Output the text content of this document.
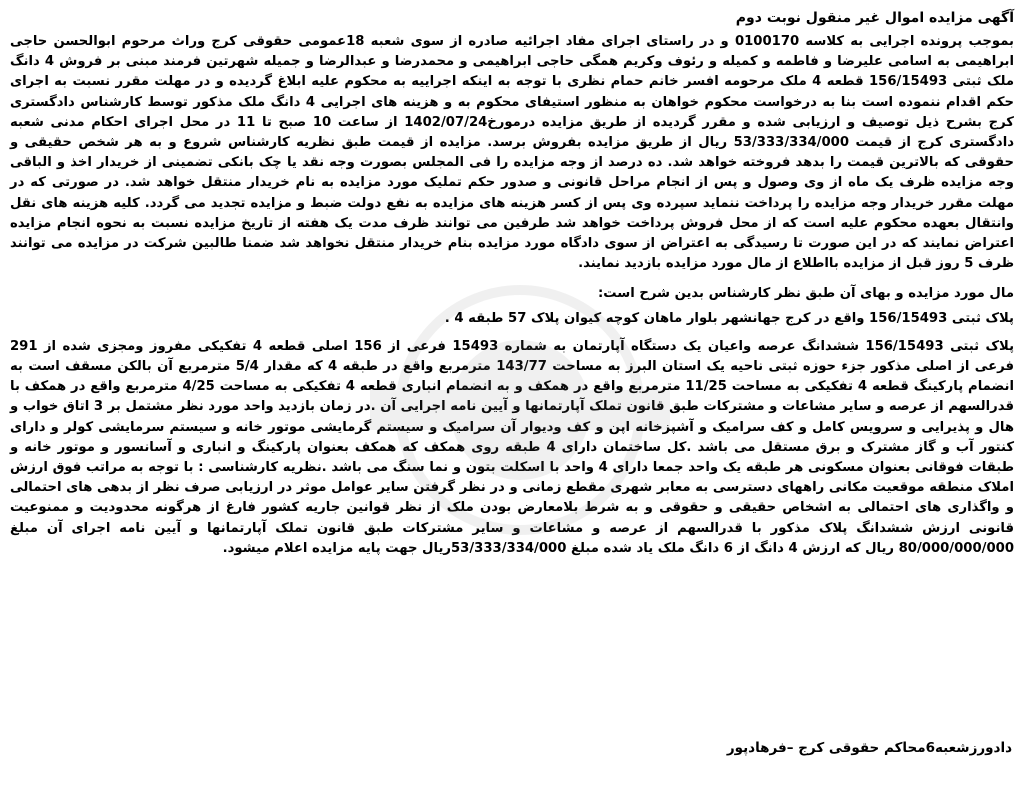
آگهی مزایده اموال غیر منقول نوبت دوم

بموجب پرونده اجرایی به کلاسه 0100170 و در راستای اجرای مفاد اجرائیه صادره از سوی شعبه 18عمومی حقوقی کرج وراث مرحوم ابوالحسن حاجی ابراهیمی به اسامی علیرضا و فاطمه و کمیله و رئوف وکریم همگی حاجی ابراهیمی و محمدرضا و عبدالرضا و جمیله شهرتین فرمند مبنی بر فروش 4 دانگ ملک ثبتی 156/15493 قطعه 4 ملک مرحومه افسر خانم حمام نظری با توجه به اینکه اجراییه به محکوم علیه ابلاغ گردیده و در مهلت مقرر نسبت به اجرای حکم اقدام ننموده است بنا به درخواست محکوم خواهان به منظور استیفای محکوم به و هزینه های اجرایی 4 دانگ ملک مذکور توسط کارشناس دادگستری کرج بشرح ذیل توصیف و ارزیابی شده و مقرر گردیده از طریق مزایده درمورخ1402/07/24 از ساعت 10 صبح تا 11 در محل اجرای احکام مدنی شعبه دادگستری کرج از قیمت 53/333/334/000 ریال از طریق مزایده بفروش برسد. مزایده از قیمت طبق نظریه کارشناس شروع و به هر شخص حقیقی و حقوقی که بالاترین قیمت را بدهد فروخته خواهد شد. ده درصد از وجه مزایده را فی المجلس بصورت وجه نقد یا چک بانکی تضمینی از خریدار اخذ و الباقی وجه مزایده ظرف یک ماه از وی وصول و پس از انجام مراحل قانونی و صدور حکم تملیک مورد مزایده به نام خریدار منتقل خواهد شد. در صورتی که در مهلت مقرر خریدار وجه مزایده را پرداخت ننماید سپرده وی پس از کسر هزینه های مزایده به نفع دولت ضبط و مزایده تجدید می گردد. کلیه هزینه های نقل وانتقال بعهده محکوم علیه است که از محل فروش پرداخت خواهد شد طرفین می توانند ظرف مدت یک هفته از تاریخ مزایده نسبت به نحوه انجام مزایده اعتراض نمایند که در این صورت تا رسیدگی به اعتراض از سوی دادگاه مورد مزایده بنام خریدار منتقل نخواهد شد ضمنا طالبین شرکت در مزایده می توانند ظرف 5 روز قبل از مزایده بااطلاع از مال مورد مزایده بازدید نمایند.

مال مورد مزایده و بهای آن طبق نظر کارشناس بدین شرح است:

پلاک ثبتی 156/15493 واقع در کرج جهانشهر بلوار ماهان کوچه کیوان پلاک 57 طبقه 4 .

پلاک ثبتی 156/15493 ششدانگ عرصه واعیان یک دستگاه آپارتمان به شماره 15493 فرعی از 156 اصلی قطعه 4 تفکیکی مفروز ومجزی شده از 291 فرعی از اصلی مذکور جزء حوزه ثبتی ناحیه یک استان البرز به مساحت 143/77 مترمربع واقع در طبقه 4 که مقدار 5/4 مترمربع آن بالکن مسقف است به انضمام پارکینگ قطعه 4 تفکیکی به مساحت 11/25 مترمربع واقع در همکف و به انضمام انباری قطعه 4 تفکیکی به مساحت 4/25 مترمربع واقع در همکف با قدرالسهم از عرصه و سایر مشاعات و مشترکات طبق قانون تملک آپارتمانها و آیین نامه اجرایی آن .در زمان بازدید واحد مورد نظر مشتمل بر 3 اتاق خواب و هال و پذیرایی و سرویس کامل و کف سرامیک و آشپزخانه اپن و کف ودیوار آن سرامیک و سیستم گرمایشی موتور خانه و سیستم سرمایشی کولر و دارای کنتور آب و گاز مشترک و برق مستقل می باشد .کل ساختمان دارای 4 طبقه روی همکف که همکف بعنوان پارکینگ و انباری و آسانسور و موتور خانه و طبقات فوقانی بعنوان مسکونی هر طبقه یک واحد جمعا دارای 4 واحد با اسکلت بتون و نما سنگ می باشد .نظریه کارشناسی : با توجه به مراتب فوق ارزش املاک منطقه موقعیت مکانی راههای دسترسی به معابر شهری مقطع زمانی و در نظر گرفتن سایر عوامل موثر در ارزیابی صرف نظر از بدهی های احتمالی و واگذاری های احتمالی به اشخاص حقیقی و حقوقی و به شرط بلامعارض بودن ملک از نظر قوانین جاریه کشور فارغ از هرگونه محدودیت و ممنوعیت قانونی ارزش ششدانگ پلاک مذکور با قدرالسهم از عرصه و مشاعات و سایر مشترکات طبق قانون تملک آپارتمانها و آیین نامه اجرای آن مبلغ 80/000/000/000 ریال که ارزش 4 دانگ از 6 دانگ ملک یاد شده مبلغ 53/333/334/000ریال جهت پایه مزایده اعلام میشود.

دادورزشعبه6محاکم حقوقی کرج –فرهادپور
